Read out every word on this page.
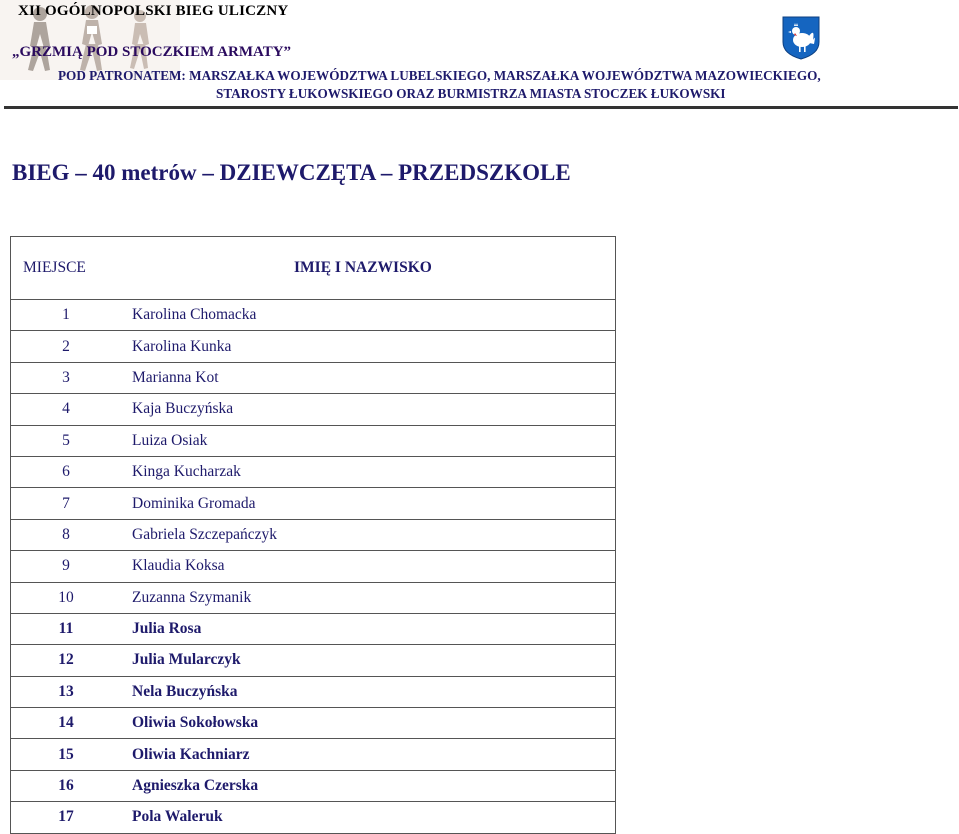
XII OGÓLNOPOLSKI BIEG ULICZNY
„GRZMIĄ POD STOCZKIEM ARMATY”
POD PATRONATEM: MARSZAŁKA WOJEWÓDZTWA LUBELSKIEGO, MARSZAŁKA WOJEWÓDZTWA MAZOWIECKIEGO,
STAROSTY ŁUKOWSKIEGO ORAZ BURMISTRZA MIASTA STOCZEK ŁUKOWSKI
BIEG – 40 metrów – DZIEWCZĘTA – PRZEDSZKOLE
MIEJSCE	IMIĘ I NAZWISKO
1	Karolina Chomacka
2	Karolina Kunka
3	Marianna Kot
4	Kaja Buczyńska
5	Luiza Osiak
6	Kinga Kucharzak
7	Dominika Gromada
8	Gabriela Szczepańczyk
9	Klaudia Koksa
10	Zuzanna Szymanik
11	Julia Rosa
12	Julia Mularczyk
13	Nela Buczyńska
14	Oliwia Sokołowska
15	Oliwia Kachniarz
16	Agnieszka Czerska
17	Pola Waleruk
